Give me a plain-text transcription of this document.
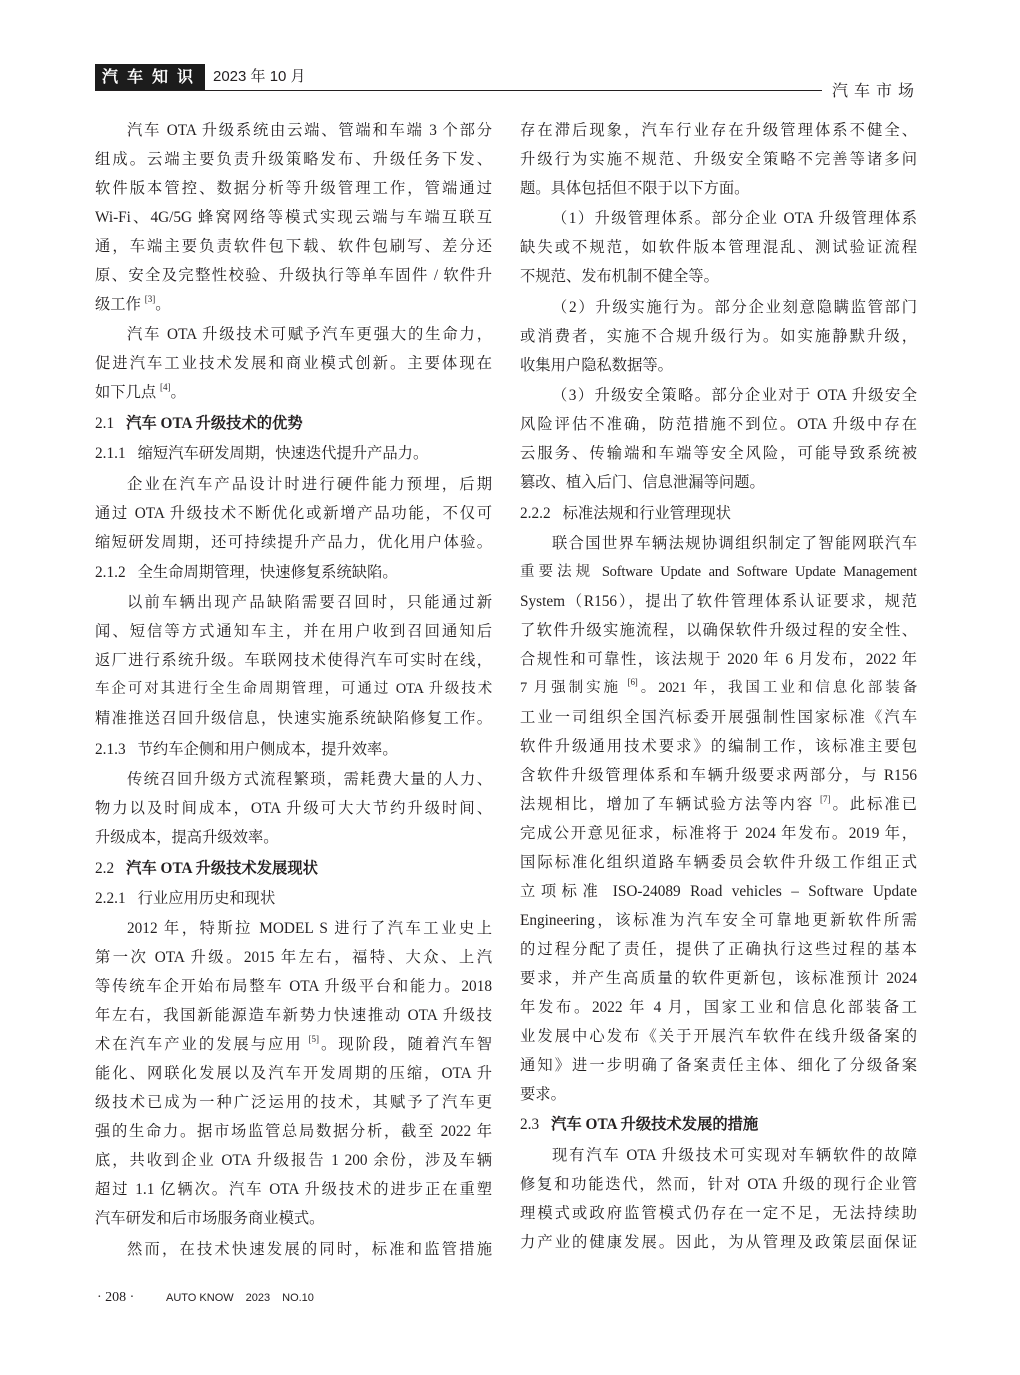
汽车知识 2023 年 10 月
汽车市场
汽车 OTA 升级系统由云端、管端和车端 3 个部分
组成。云端主要负责升级策略发布、升级任务下发、
软件版本管控、数据分析等升级管理工作，管端通过
Wi-Fi、4G/5G 蜂窝网络等模式实现云端与车端互联互
通，车端主要负责软件包下载、软件包刷写、差分还
原、安全及完整性校验、升级执行等单车固件 / 软件升
级工作 [3]。
汽车 OTA 升级技术可赋予汽车更强大的生命力，
促进汽车工业技术发展和商业模式创新。主要体现在
如下几点 [4]。
2.1 汽车 OTA 升级技术的优势
2.1.1 缩短汽车研发周期，快速迭代提升产品力。
企业在汽车产品设计时进行硬件能力预埋，后期
通过 OTA 升级技术不断优化或新增产品功能，不仅可
缩短研发周期，还可持续提升产品力，优化用户体验。
2.1.2 全生命周期管理，快速修复系统缺陷。
以前车辆出现产品缺陷需要召回时，只能通过新
闻、短信等方式通知车主，并在用户收到召回通知后
返厂进行系统升级。车联网技术使得汽车可实时在线，
车企可对其进行全生命周期管理，可通过 OTA 升级技术
精准推送召回升级信息，快速实施系统缺陷修复工作。
2.1.3 节约车企侧和用户侧成本，提升效率。
传统召回升级方式流程繁琐，需耗费大量的人力、
物力以及时间成本，OTA 升级可大大节约升级时间、
升级成本，提高升级效率。
2.2 汽车 OTA 升级技术发展现状
2.2.1 行业应用历史和现状
2012 年，特斯拉 MODEL S 进行了汽车工业史上
第一次 OTA 升级。2015 年左右，福特、大众、上汽
等传统车企开始布局整车 OTA 升级平台和能力。2018
年左右，我国新能源造车新势力快速推动 OTA 升级技
术在汽车产业的发展与应用 [5]。现阶段，随着汽车智
能化、网联化发展以及汽车开发周期的压缩，OTA 升
级技术已成为一种广泛运用的技术，其赋予了汽车更
强的生命力。据市场监管总局数据分析，截至 2022 年
底，共收到企业 OTA 升级报告 1 200 余份，涉及车辆
超过 1.1 亿辆次。汽车 OTA 升级技术的进步正在重塑
汽车研发和后市场服务商业模式。
然而，在技术快速发展的同时，标准和监管措施
存在滞后现象，汽车行业存在升级管理体系不健全、
升级行为实施不规范、升级安全策略不完善等诸多问
题。具体包括但不限于以下方面。
（1）升级管理体系。部分企业 OTA 升级管理体系
缺失或不规范，如软件版本管理混乱、测试验证流程
不规范、发布机制不健全等。
（2）升级实施行为。部分企业刻意隐瞒监管部门
或消费者，实施不合规升级行为。如实施静默升级，
收集用户隐私数据等。
（3）升级安全策略。部分企业对于 OTA 升级安全
风险评估不准确，防范措施不到位。OTA 升级中存在
云服务、传输端和车端等安全风险，可能导致系统被
篡改、植入后门、信息泄漏等问题。
2.2.2 标准法规和行业管理现状
联合国世界车辆法规协调组织制定了智能网联汽车
重要法规 Software Update and Software Update Management
System（R156），提出了软件管理体系认证要求，规范
了软件升级实施流程，以确保软件升级过程的安全性、
合规性和可靠性，该法规于 2020 年 6 月发布，2022 年
7 月强制实施 [6]。2021 年，我国工业和信息化部装备
工业一司组织全国汽标委开展强制性国家标准《汽车
软件升级通用技术要求》的编制工作，该标准主要包
含软件升级管理体系和车辆升级要求两部分，与 R156
法规相比，增加了车辆试验方法等内容 [7]。此标准已
完成公开意见征求，标准将于 2024 年发布。2019 年，
国际标准化组织道路车辆委员会软件升级工作组正式
立项标准 ISO-24089 Road vehicles – Software Update
Engineering，该标准为汽车安全可靠地更新软件所需
的过程分配了责任，提供了正确执行这些过程的基本
要求，并产生高质量的软件更新包，该标准预计 2024
年发布。2022 年 4 月，国家工业和信息化部装备工
业发展中心发布《关于开展汽车软件在线升级备案的
通知》进一步明确了备案责任主体、细化了分级备案
要求。
2.3 汽车 OTA 升级技术发展的措施
现有汽车 OTA 升级技术可实现对车辆软件的故障
修复和功能迭代，然而，针对 OTA 升级的现行企业管
理模式或政府监管模式仍存在一定不足，无法持续助
力产业的健康发展。因此，为从管理及政策层面保证
· 208 ·	AUTO KNOW 2023 NO.10
